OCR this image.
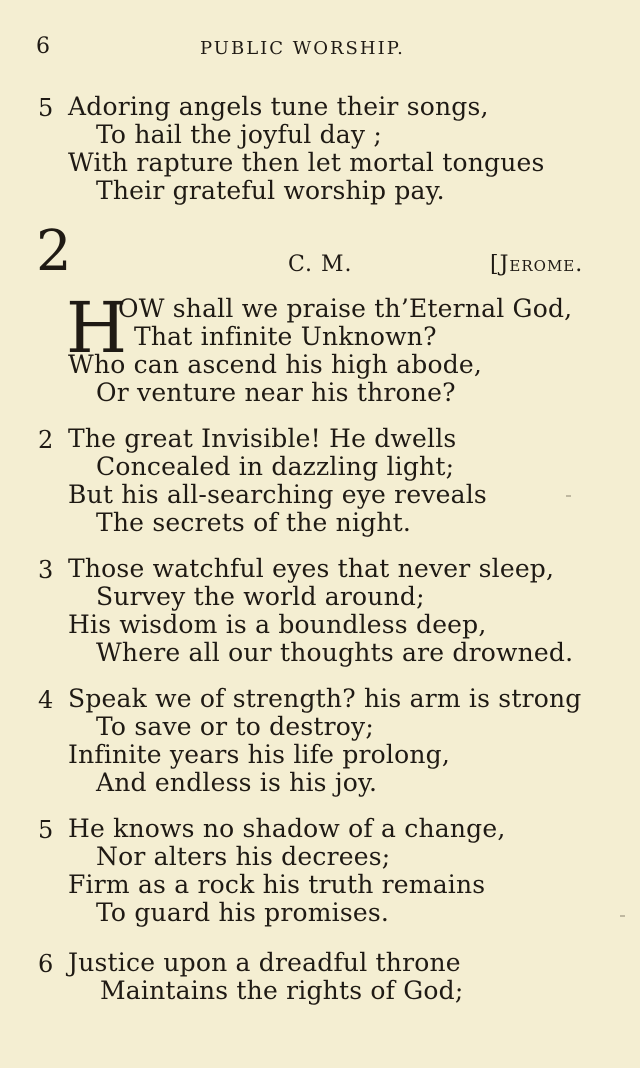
6	PUBLIC WORSHIP.
5 Adoring angels tune their songs,
To hail the joyful day ;
With rapture then let mortal tongues
Their grateful worship pay.
2	C. M.	[Jerome.
H
OW shall we praise th’Eternal God,
That infinite Unknown?
Who can ascend his high abode,
Or venture near his throne?
2 The great Invisible! He dwells
Concealed in dazzling light;
But his all-searching eye reveals
The secrets of the night.
3 Those watchful eyes that never sleep,
Survey the world around;
His wisdom is a boundless deep,
Where all our thoughts are drowned.
4 Speak we of strength? his arm is strong
To save or to destroy;
Infinite years his life prolong,
And endless is his joy.
5 He knows no shadow of a change,
Nor alters his decrees;
Firm as a rock his truth remains
To guard his promises.
6 Justice upon a dreadful throne
Maintains the rights of God;
